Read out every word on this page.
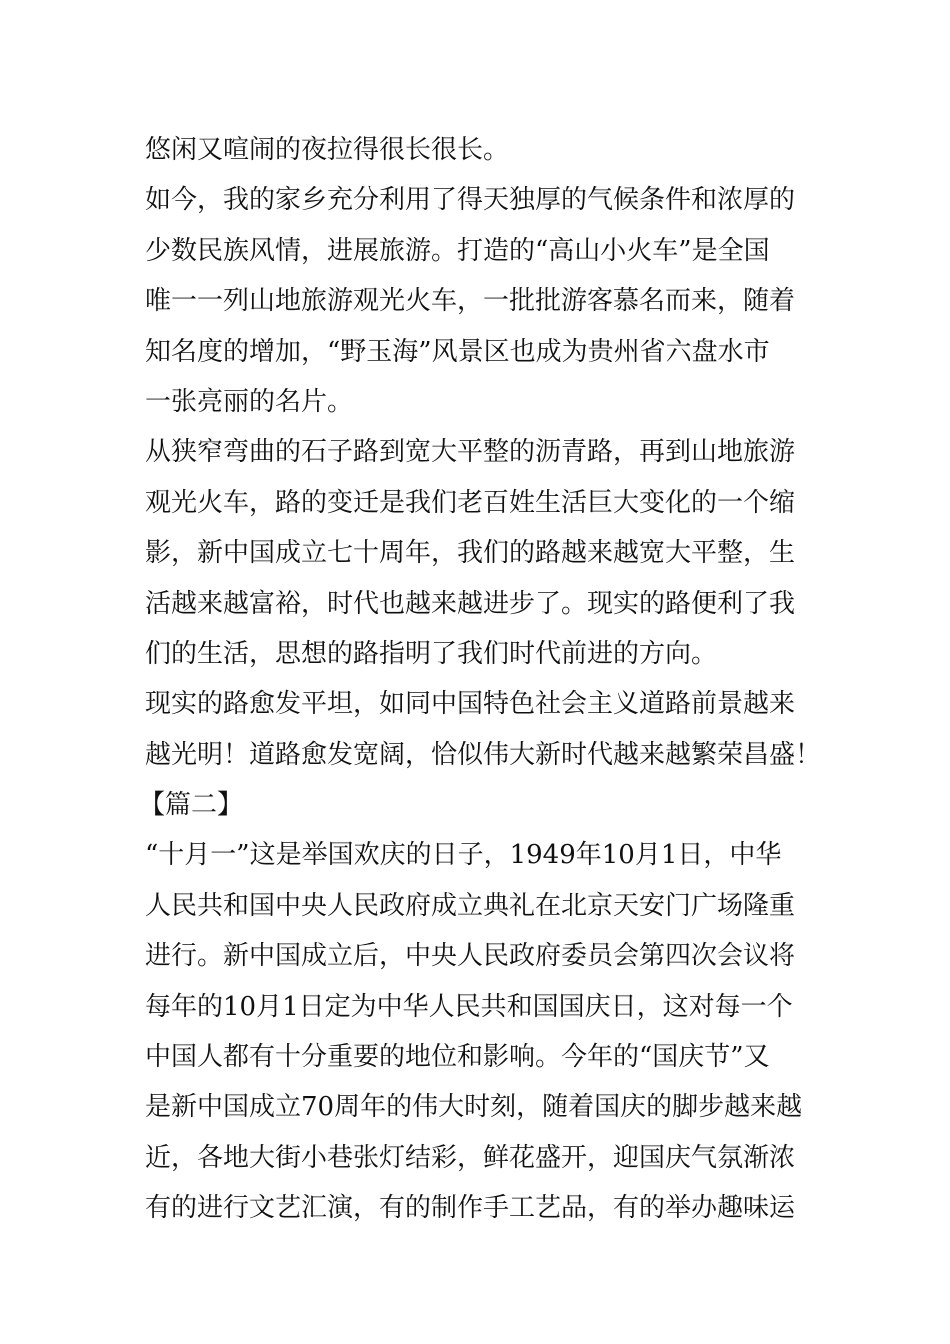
悠闲又喧闹的夜拉得很长很长。
如今，我的家乡充分利用了得天独厚的气候条件和浓厚的
少数民族风情，进展旅游。打造的“高山小火车”是全国
唯一一列山地旅游观光火车，一批批游客慕名而来，随着
知名度的增加，“野玉海”风景区也成为贵州省六盘水市
一张亮丽的名片。
从狭窄弯曲的石子路到宽大平整的沥青路，再到山地旅游
观光火车，路的变迁是我们老百姓生活巨大变化的一个缩
影，新中国成立七十周年，我们的路越来越宽大平整，生
活越来越富裕，时代也越来越进步了。现实的路便利了我
们的生活，思想的路指明了我们时代前进的方向。
现实的路愈发平坦，如同中国特色社会主义道路前景越来
越光明！道路愈发宽阔，恰似伟大新时代越来越繁荣昌盛！
【篇二】
“十月一”这是举国欢庆的日子，1949年10月1日，中华
人民共和国中央人民政府成立典礼在北京天安门广场隆重
进行。新中国成立后，中央人民政府委员会第四次会议将
每年的10月1日定为中华人民共和国国庆日，这对每一个
中国人都有十分重要的地位和影响。今年的“国庆节”又
是新中国成立70周年的伟大时刻，随着国庆的脚步越来越
近，各地大街小巷张灯结彩，鲜花盛开，迎国庆气氛渐浓
有的进行文艺汇演，有的制作手工艺品，有的举办趣味运
